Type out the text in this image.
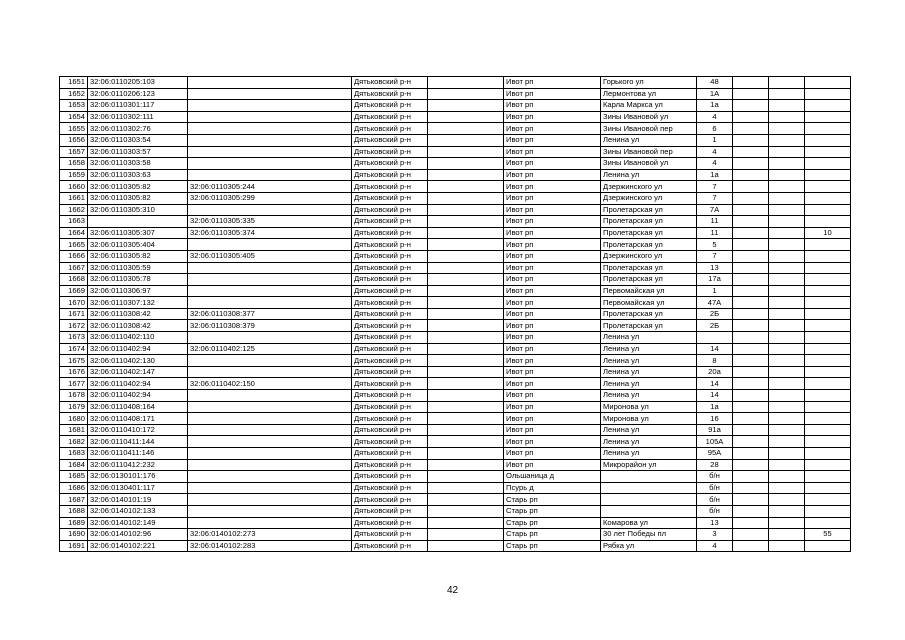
1651	32:06:0110205:103		Дятьковский р-н		Ивот рп	Горького ул	48			
1652	32:06:0110206:123		Дятьковский р-н		Ивот рп	Лермонтова ул	1А			
1653	32:06:0110301:117		Дятьковский р-н		Ивот рп	Карла Маркса ул	1а			
1654	32:06:0110302:111		Дятьковский р-н		Ивот рп	Зины Ивановой ул	4			
1655	32:06:0110302:76		Дятьковский р-н		Ивот рп	Зины Ивановой пер	6			
1656	32:06:0110303:54		Дятьковский р-н		Ивот рп	Ленина ул	1			
1657	32:06:0110303:57		Дятьковский р-н		Ивот рп	Зины Ивановой пер	4			
1658	32:06:0110303:58		Дятьковский р-н		Ивот рп	Зины Ивановой ул	4			
1659	32:06:0110303:63		Дятьковский р-н		Ивот рп	Ленина ул	1а			
1660	32:06:0110305:82	32:06:0110305:244	Дятьковский р-н		Ивот рп	Дзержинского ул	7			
1661	32:06:0110305:82	32:06:0110305:299	Дятьковский р-н		Ивот рп	Дзержинского ул	7			
1662	32:06:0110305:310		Дятьковский р-н		Ивот рп	Пролетарская ул	7А			
1663		32:06:0110305:335	Дятьковский р-н		Ивот рп	Пролетарская ул	11			
1664	32:06:0110305:307	32:06:0110305:374	Дятьковский р-н		Ивот рп	Пролетарская ул	11			10
1665	32:06:0110305:404		Дятьковский р-н		Ивот рп	Пролетарская ул	5			
1666	32:06:0110305:82	32:06:0110305:405	Дятьковский р-н		Ивот рп	Дзержинского ул	7			
1667	32:06:0110305:59		Дятьковский р-н		Ивот рп	Пролетарская ул	13			
1668	32:06:0110305:78		Дятьковский р-н		Ивот рп	Пролетарская ул	17а			
1669	32:06:0110306:97		Дятьковский р-н		Ивот рп	Первомайская ул	1			
1670	32:06:0110307:132		Дятьковский р-н		Ивот рп	Первомайская ул	47А			
1671	32:06:0110308:42	32:06:0110308:377	Дятьковский р-н		Ивот рп	Пролетарская ул	2Б			
1672	32:06:0110308:42	32:06:0110308:379	Дятьковский р-н		Ивот рп	Пролетарская ул	2Б			
1673	32:06:0110402:110		Дятьковский р-н		Ивот рп	Ленина ул				
1674	32:06:0110402:94	32:06:0110402:125	Дятьковский р-н		Ивот рп	Ленина ул	14			
1675	32:06:0110402:130		Дятьковский р-н		Ивот рп	Ленина ул	8			
1676	32:06:0110402:147		Дятьковский р-н		Ивот рп	Ленина ул	20а			
1677	32:06:0110402:94	32:06:0110402:150	Дятьковский р-н		Ивот рп	Ленина ул	14			
1678	32:06:0110402:94		Дятьковский р-н		Ивот рп	Ленина ул	14			
1679	32:06:0110408:164		Дятьковский р-н		Ивот рп	Миронова ул	1а			
1680	32:06:0110408:171		Дятьковский р-н		Ивот рп	Миронова ул	16			
1681	32:06:0110410:172		Дятьковский р-н		Ивот рп	Ленина ул	91а			
1682	32:06:0110411:144		Дятьковский р-н		Ивот рп	Ленина ул	105А			
1683	32:06:0110411:146		Дятьковский р-н		Ивот рп	Ленина ул	95А			
1684	32:06:0110412:232		Дятьковский р-н		Ивот рп	Микрорайон ул	28			
1685	32:06:0130101:176		Дятьковский р-н		Ольшаница д		б/н			
1686	32:06:0130401:117		Дятьковский р-н		Псурь д		б/н			
1687	32:06:0140101:19		Дятьковский р-н		Старь рп		б/н			
1688	32:06:0140102:133		Дятьковский р-н		Старь рп		б/н			
1689	32:06:0140102:149		Дятьковский р-н		Старь рп	Комарова ул	13			
1690	32:06:0140102:96	32:06:0140102:273	Дятьковский р-н		Старь рп	30 лет Победы пл	3			55
1691	32:06:0140102:221	32:06:0140102:283	Дятьковский р-н		Старь рп	Рябка ул	4			
42
